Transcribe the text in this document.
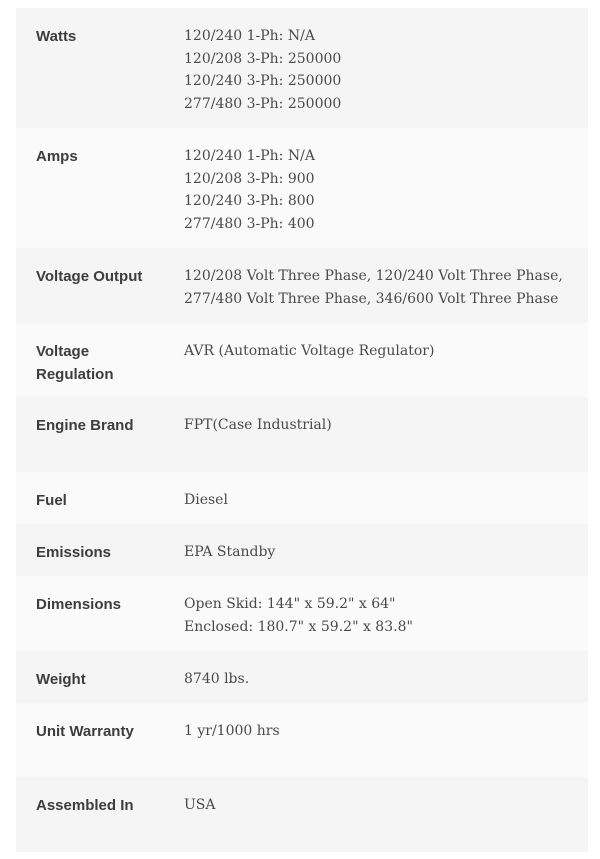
Watts	120/240 1-Ph: N/A
120/208 3-Ph: 250000
120/240 3-Ph: 250000
277/480 3-Ph: 250000

Amps	120/240 1-Ph: N/A
120/208 3-Ph: 900
120/240 3-Ph: 800
277/480 3-Ph: 400

Voltage Output	120/208 Volt Three Phase, 120/240 Volt Three Phase, 277/480 Volt Three Phase, 346/600 Volt Three Phase

Voltage Regulation	AVR (Automatic Voltage Regulator)

Engine Brand	FPT(Case Industrial)

Fuel	Diesel

Emissions	EPA Standby

Dimensions	Open Skid: 144" x 59.2" x 64"
Enclosed: 180.7" x 59.2" x 83.8"

Weight	8740 lbs.

Unit Warranty	1 yr/1000 hrs

Assembled In	USA
